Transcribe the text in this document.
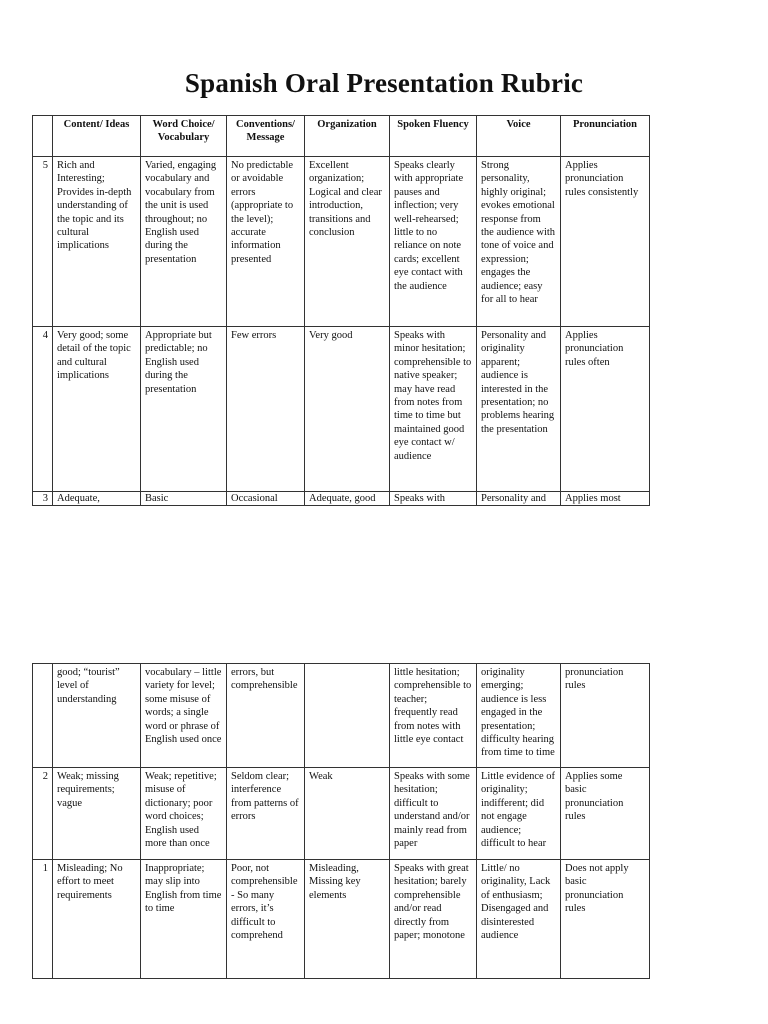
Spanish Oral Presentation Rubric
	Content/ Ideas	Word Choice/ Vocabulary	Conventions/ Message	Organization	Spoken Fluency	Voice	Pronunciation
5	Rich and Interesting; Provides in-depth understanding of the topic and its cultural implications	Varied, engaging vocabulary and vocabulary from the unit is used throughout; no English used during the presentation	No predictable or avoidable errors (appropriate to the level); accurate information presented	Excellent organization; Logical and clear introduction, transitions and conclusion	Speaks clearly with appropriate pauses and inflection; very well-rehearsed; little to no reliance on note cards; excellent eye contact with the audience	Strong personality, highly original; evokes emotional response from the audience with tone of voice and expression; engages the audience; easy for all to hear	Applies pronunciation rules consistently
4	Very good; some detail of the topic and cultural implications	Appropriate but predictable; no English used during the presentation	Few errors	Very good	Speaks with minor hesitation; comprehensible to native speaker; may have read from notes from time to time but maintained good eye contact w/ audience	Personality and originality apparent; audience is interested in the presentation; no problems hearing the presentation	Applies pronunciation rules often
3	Adequate,	Basic	Occasional	Adequate, good	Speaks with	Personality and	Applies most
	good; “tourist” level of understanding	vocabulary – little variety for level; some misuse of words; a single word or phrase of English used once	errors, but comprehensible		little hesitation; comprehensible to teacher; frequently read from notes with little eye contact	originality emerging; audience is less engaged in the presentation; difficulty hearing from time to time	pronunciation rules
2	Weak; missing requirements; vague	Weak; repetitive; misuse of dictionary; poor word choices; English used more than once	Seldom clear; interference from patterns of errors	Weak	Speaks with some hesitation; difficult to understand and/or mainly read from paper	Little evidence of originality; indifferent; did not engage audience; difficult to hear	Applies some basic pronunciation rules
1	Misleading; No effort to meet requirements	Inappropriate; may slip into English from time to time	Poor, not comprehensible - So many errors, it’s difficult to comprehend	Misleading, Missing key elements	Speaks with great hesitation; barely comprehensible and/or read directly from paper; monotone	Little/ no originality, Lack of enthusiasm; Disengaged and disinterested audience	Does not apply basic pronunciation rules
